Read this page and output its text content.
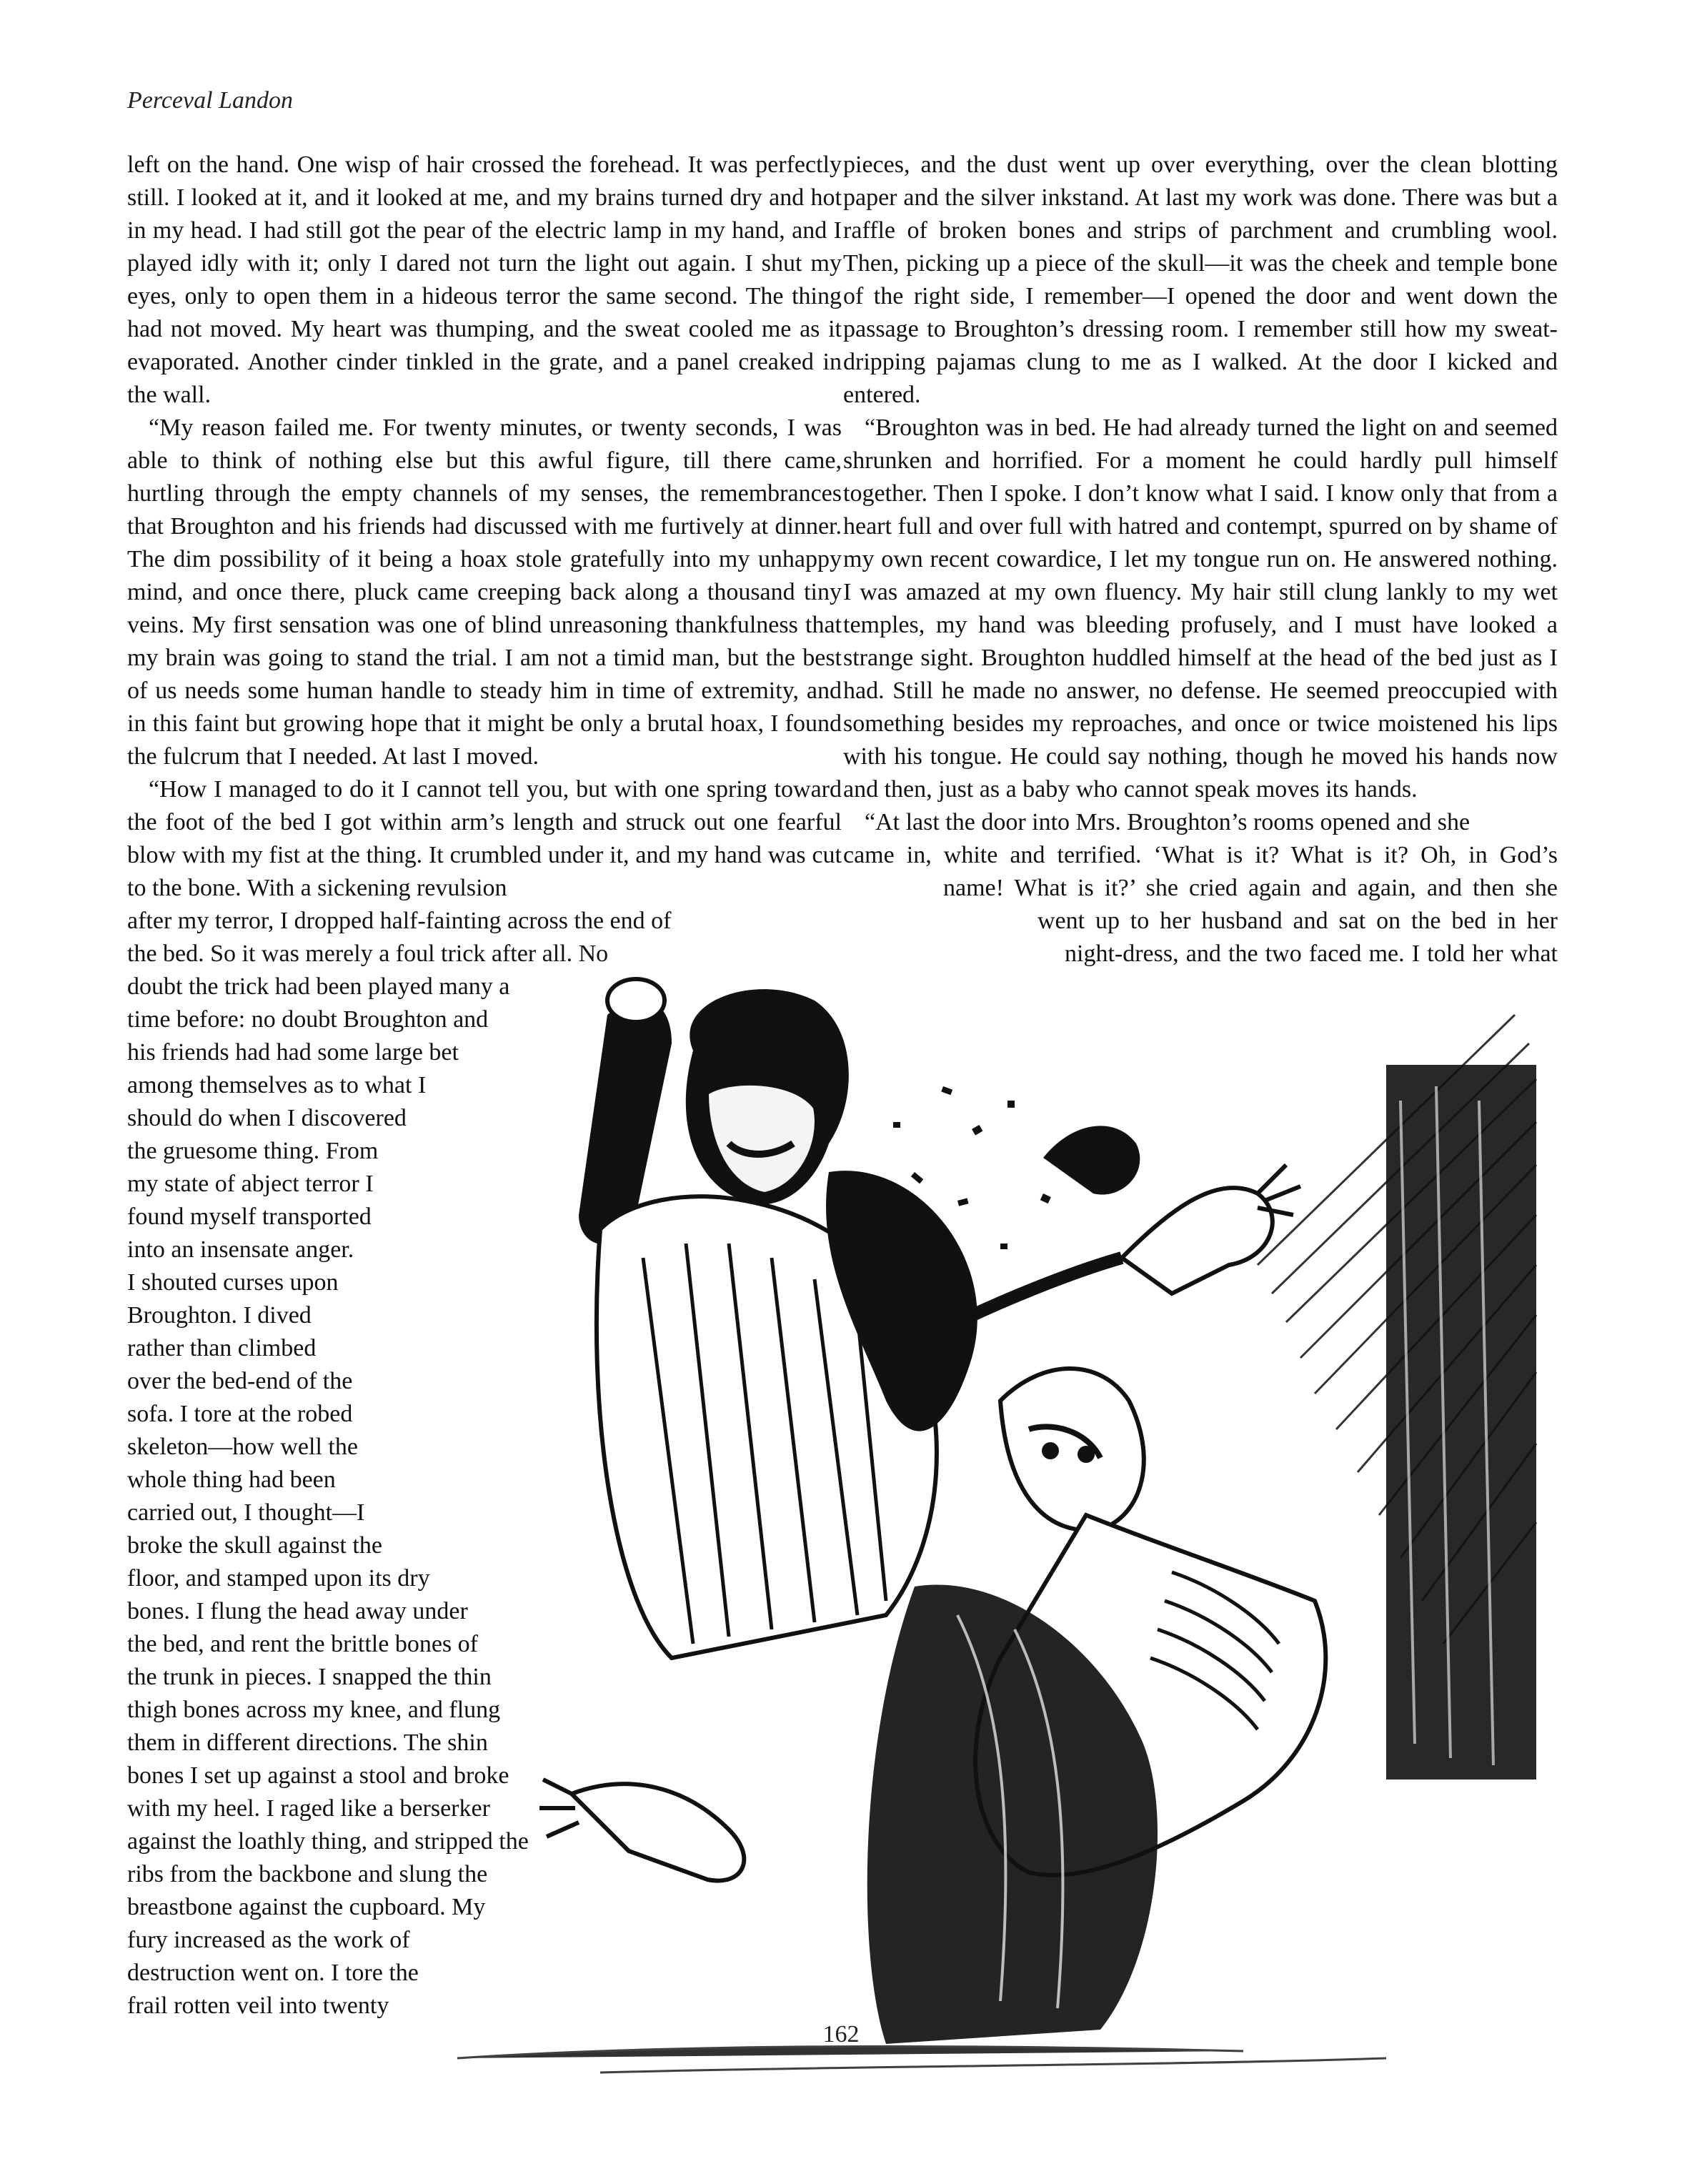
Perceval Landon

left on the hand. One wisp of hair crossed the forehead. It was perfectly still. I looked at it, and it looked at me, and my brains turned dry and hot in my head. I had still got the pear of the electric lamp in my hand, and I played idly with it; only I dared not turn the light out again. I shut my eyes, only to open them in a hideous terror the same second. The thing had not moved. My heart was thumping, and the sweat cooled me as it evaporated. Another cinder tinkled in the grate, and a panel creaked in the wall.

“My reason failed me. For twenty minutes, or twenty seconds, I was able to think of nothing else but this awful figure, till there came, hurtling through the empty channels of my senses, the remembrances that Broughton and his friends had discussed with me furtively at dinner. The dim possibility of it being a hoax stole gratefully into my unhappy mind, and once there, pluck came creeping back along a thousand tiny veins. My first sensation was one of blind unreasoning thankfulness that my brain was going to stand the trial. I am not a timid man, but the best of us needs some human handle to steady him in time of extremity, and in this faint but growing hope that it might be only a brutal hoax, I found the fulcrum that I needed. At last I moved.

“How I managed to do it I cannot tell you, but with one spring toward the foot of the bed I got within arm’s length and struck out one fearful blow with my fist at the thing. It crumbled under it, and my hand was cut to the bone. With a sickening revulsion

after my terror, I dropped half-fainting across the end of
the bed. So it was merely a foul trick after all. No
doubt the trick had been played many a
time before: no doubt Broughton and
his friends had had some large bet
among themselves as to what I
should do when I discovered
the gruesome thing. From
my state of abject terror I
found myself transported
into an insensate anger.
I shouted curses upon
Broughton. I dived
rather than climbed
over the bed-end of the
sofa. I tore at the robed
skeleton—how well the
whole thing had been
carried out, I thought—I
broke the skull against the
floor, and stamped upon its dry
bones. I flung the head away under
the bed, and rent the brittle bones of
the trunk in pieces. I snapped the thin
thigh bones across my knee, and flung
them in different directions. The shin
bones I set up against a stool and broke
with my heel. I raged like a berserker
against the loathly thing, and stripped the
ribs from the backbone and slung the
breastbone against the cupboard. My
fury increased as the work of
destruction went on. I tore the
frail rotten veil into twenty

pieces, and the dust went up over everything, over the clean blotting paper and the silver inkstand. At last my work was done. There was but a raffle of broken bones and strips of parchment and crumbling wool. Then, picking up a piece of the skull—it was the cheek and temple bone of the right side, I remember—I opened the door and went down the passage to Broughton’s dressing room. I remember still how my sweat-dripping pajamas clung to me as I walked. At the door I kicked and entered.

“Broughton was in bed. He had already turned the light on and seemed shrunken and horrified. For a moment he could hardly pull himself together. Then I spoke. I don’t know what I said. I know only that from a heart full and over full with hatred and contempt, spurred on by shame of my own recent cowardice, I let my tongue run on. He answered nothing. I was amazed at my own fluency. My hair still clung lankly to my wet temples, my hand was bleeding profusely, and I must have looked a strange sight. Broughton huddled himself at the head of the bed just as I had. Still he made no answer, no defense. He seemed preoccupied with something besides my reproaches, and once or twice moistened his lips with his tongue. He could say nothing, though he moved his hands now and then, just as a baby who cannot speak moves its hands.

“At last the door into Mrs. Broughton’s rooms opened and she

came in, white and terrified. ‘What is it? What is it? Oh, in God’s
name! What is it?’ she cried again and again, and then she
went up to her husband and sat on the bed in her
night-dress, and the two faced me. I told her what
162
